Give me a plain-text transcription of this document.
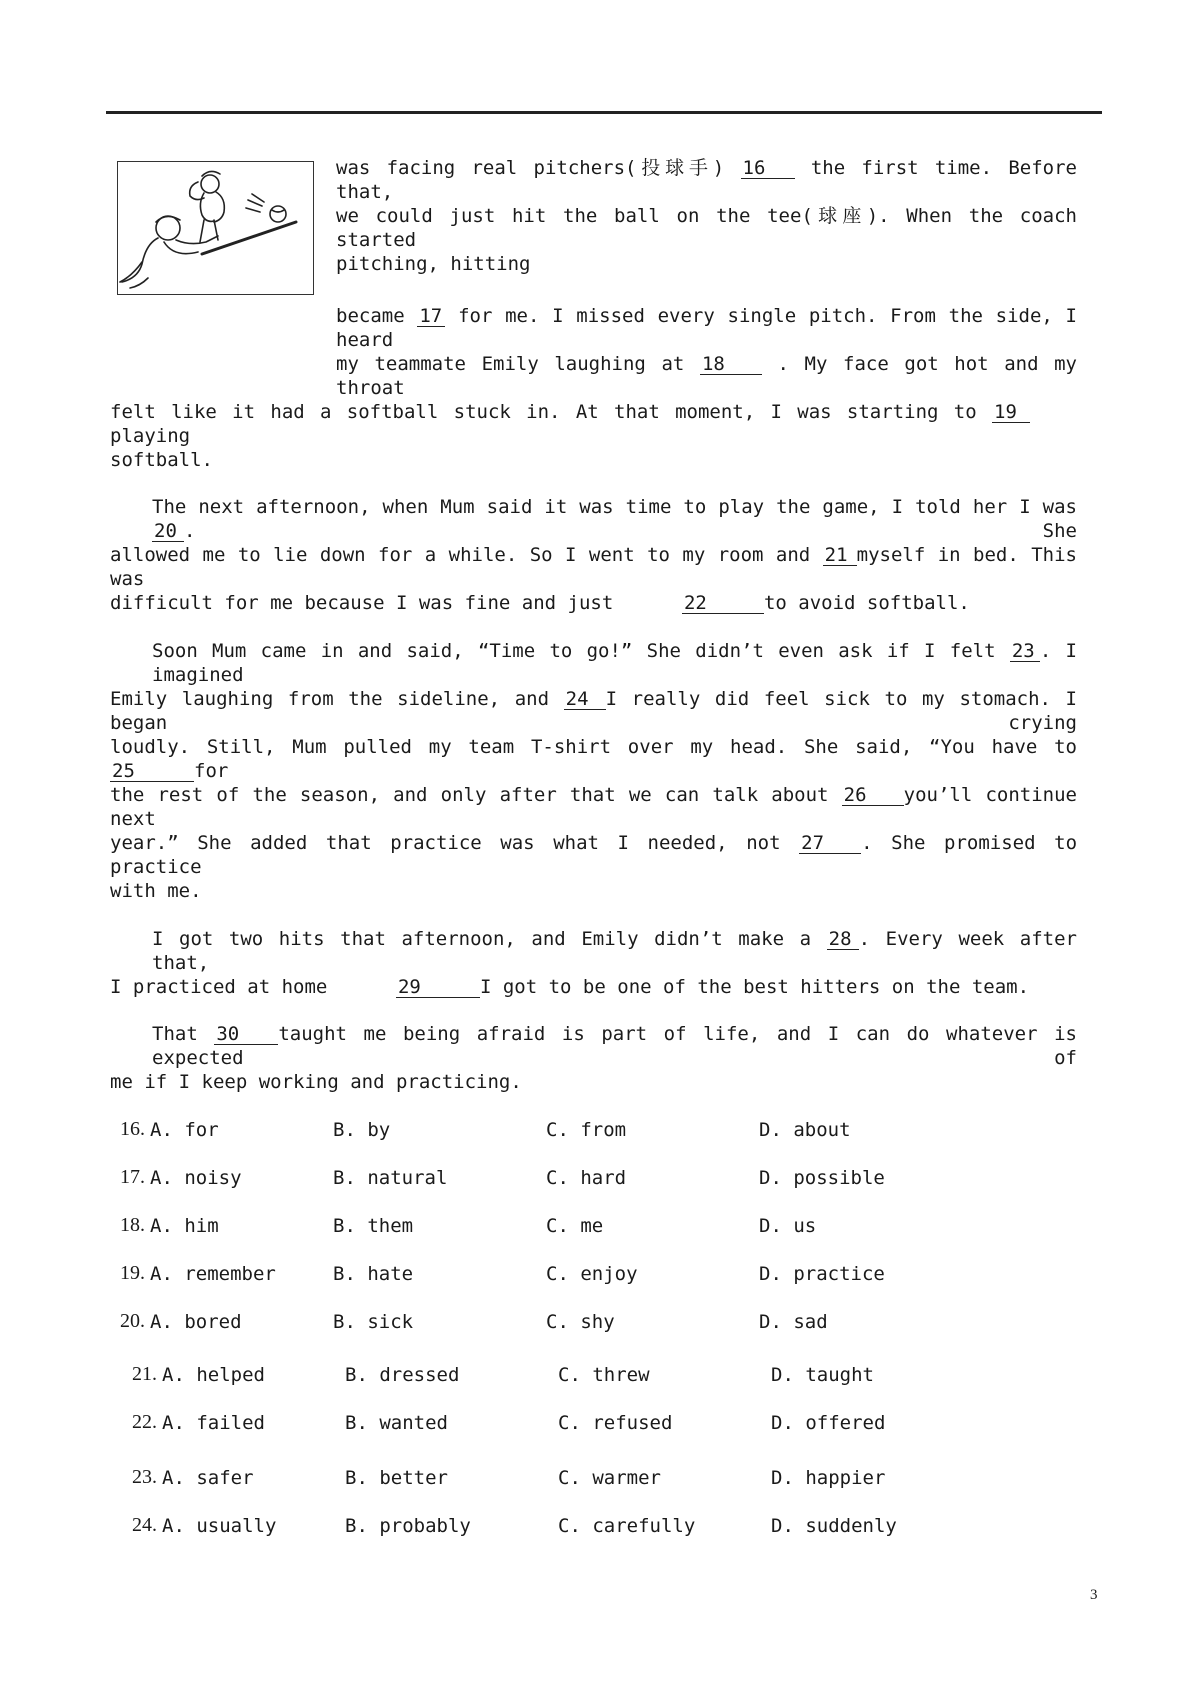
was facing real pitchers(投球手) 16 the first time. Before that,
we could just hit the ball on the tee(球座). When the coach started
pitching, hitting
became 17 for me. I missed every single pitch. From the side, I heard
my teammate Emily laughing at 18	. My face got hot and my throat
felt like it had a softball stuck in. At that moment, I was starting to 19 playing
softball.
The next afternoon, when Mum said it was time to play the game, I told her I was 20 . She
allowed me to lie down for a while. So I went to my room and 21 myself in bed. This was
difficult for me because I was fine and just	22	to avoid softball.
Soon Mum came in and said, “Time to go!” She didn’t even ask if I felt 23 . I imagined
Emily laughing from the sideline, and 24 I really did feel sick to my stomach. I began crying
loudly. Still, Mum pulled my team T-shirt over my head. She said, “You have to 25	for
the rest of the season, and only after that we can talk about 26 you’ll continue next
year.” She added that practice was what I needed, not 27 . She promised to practice
with me.
I got two hits that afternoon, and Emily didn’t make a 28 . Every week after that,
I practiced at home	29	I got to be one of the best hitters on the team.
That 30 taught me being afraid is part of life, and I can do whatever is expected of
me if I keep working and practicing.
16. A. for	B. by	C. from	D. about
17. A. noisy	B. natural	C. hard	D. possible
18. A. him	B. them	C. me	D. us
19. A. remember	B. hate	C. enjoy	D. practice
20. A. bored	B. sick	C. shy	D. sad
21. A. helped	B. dressed	C. threw	D. taught
22. A. failed	B. wanted	C. refused	D. offered
23. A. safer	B. better	C. warmer	D. happier
24. A. usually	B. probably	C. carefully	D. suddenly
3
